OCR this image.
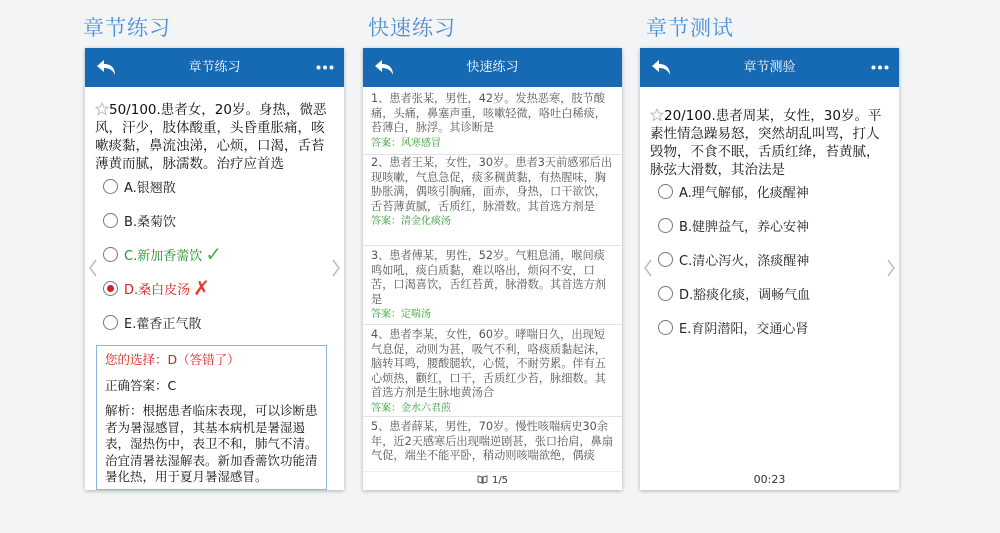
章节练习	快速练习	章节测试
章节练习
50/100.患者女，20岁。身热，微恶风，汗少，肢体酸重，头昏重胀痛，咳嗽痰黏，鼻流浊涕，心烦，口渴，舌苔薄黄而腻，脉濡数。治疗应首选
A.银翘散
B.桑菊饮
C.新加香薷饮 ✓
D.桑白皮汤 ✗
E.藿香正气散
您的选择：D（答错了）
正确答案：C
解析：根据患者临床表现，可以诊断患者为暑湿感冒，其基本病机是暑湿遏表，湿热伤中，表卫不和，肺气不清。治宜清暑祛湿解表。新加香薷饮功能清暑化热，用于夏月暑湿感冒。
快速练习
1、患者张某，男性，42岁。发热恶寒，肢节酸痛，头痛，鼻塞声重，咳嗽轻微，咯吐白稀痰，苔薄白，脉浮。其诊断是
答案：风寒感冒
2、患者王某，女性，30岁。患者3天前感邪后出现咳嗽，气息急促，痰多稠黄黏，有热腥味，胸胁胀满，偶咳引胸痛，面赤，身热，口干欲饮，舌苔薄黄腻，舌质红，脉滑数。其首选方剂是
答案：清金化痰汤
3、患者傅某，男性，52岁。气粗息涌，喉间痰鸣如吼，痰白质黏，难以咯出，烦闷不安，口苦，口渴喜饮，舌红苔黄，脉滑数。其首选方剂是
答案：定喘汤
4、患者李某，女性，60岁。哮喘日久，出现短气息促，动则为甚，吸气不利，咯痰质黏起沫，脑转耳鸣，腰酸腿软，心慌，不耐劳累。伴有五心烦热，颧红，口干，舌质红少苔，脉细数。其首选方剂是生脉地黄汤合
答案：金水六君煎
5、患者薛某，男性，70岁。慢性咳喘病史30余年，近2天感寒后出现喘逆剧甚，张口抬肩，鼻扇气促，端坐不能平卧，稍动则咳喘欲绝，偶痰
1/5
章节测验
20/100.患者周某，女性，30岁。平素性情急躁易怒，突然胡乱叫骂，打人毁物，不食不眠，舌质红绛，苔黄腻，脉弦大滑数，其治法是
A.理气解郁，化痰醒神
B.健脾益气，养心安神
C.清心泻火，涤痰醒神
D.豁痰化痰，调畅气血
E.育阴潜阳，交通心肾
00:23
